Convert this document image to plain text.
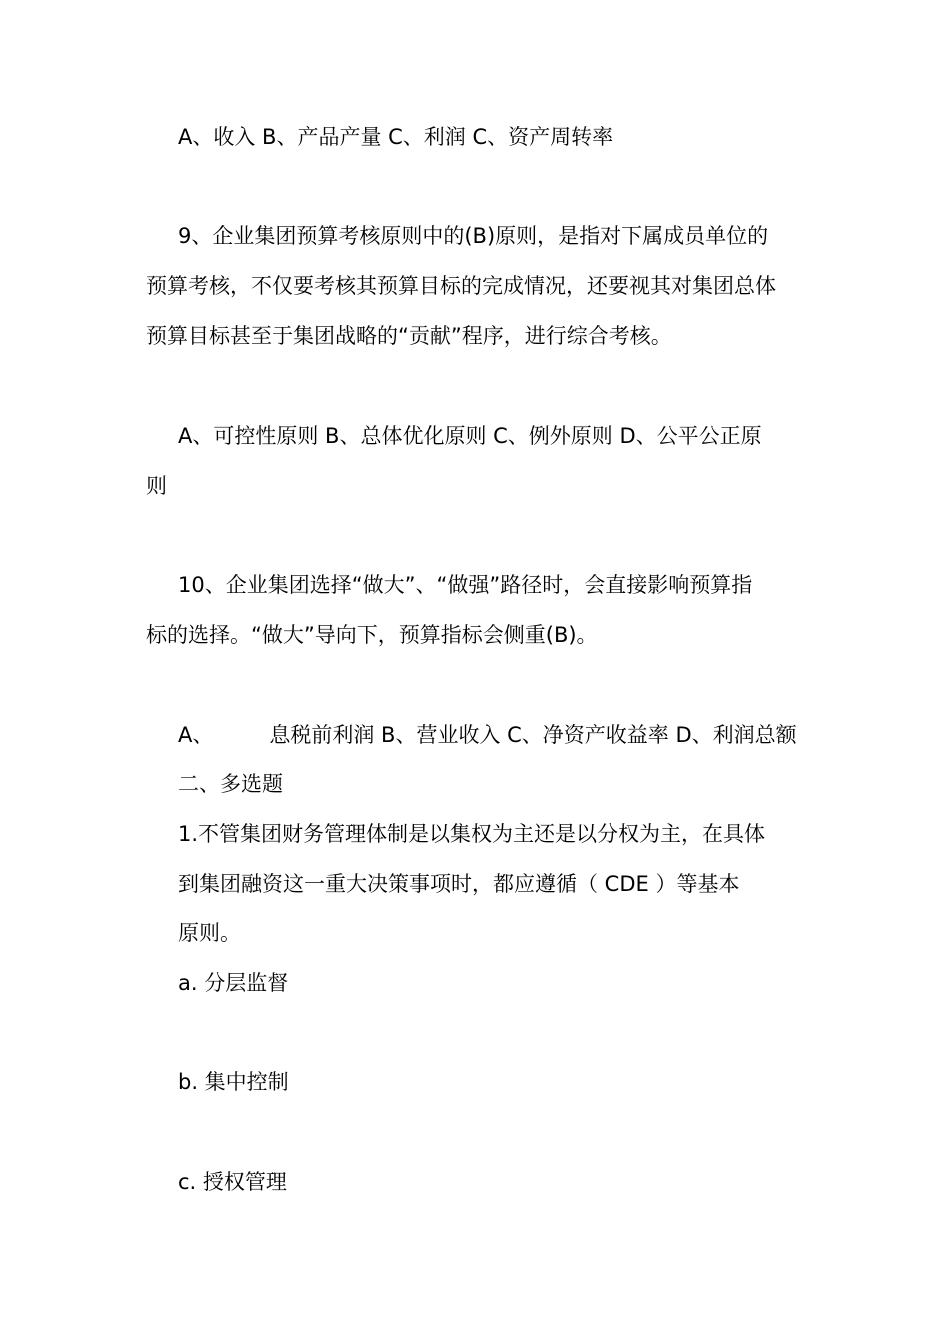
A、收入 B、产品产量 C、利润 C、资产周转率
9、企业集团预算考核原则中的(B)原则，是指对下属成员单位的
预算考核，不仅要考核其预算目标的完成情况，还要视其对集团总体
预算目标甚至于集团战略的“贡献”程序，进行综合考核。
A、可控性原则 B、总体优化原则 C、例外原则 D、公平公正原
则
10、企业集团选择“做大”、“做强”路径时，会直接影响预算指
标的选择。“做大”导向下，预算指标会侧重(B)。
A、	息税前利润 B、营业收入 C、净资产收益率 D、利润总额
二、多选题
1.不管集团财务管理体制是以集权为主还是以分权为主，在具体
到集团融资这一重大决策事项时，都应遵循（ CDE ）等基本
原则。
a. 分层监督
b. 集中控制
c. 授权管理
